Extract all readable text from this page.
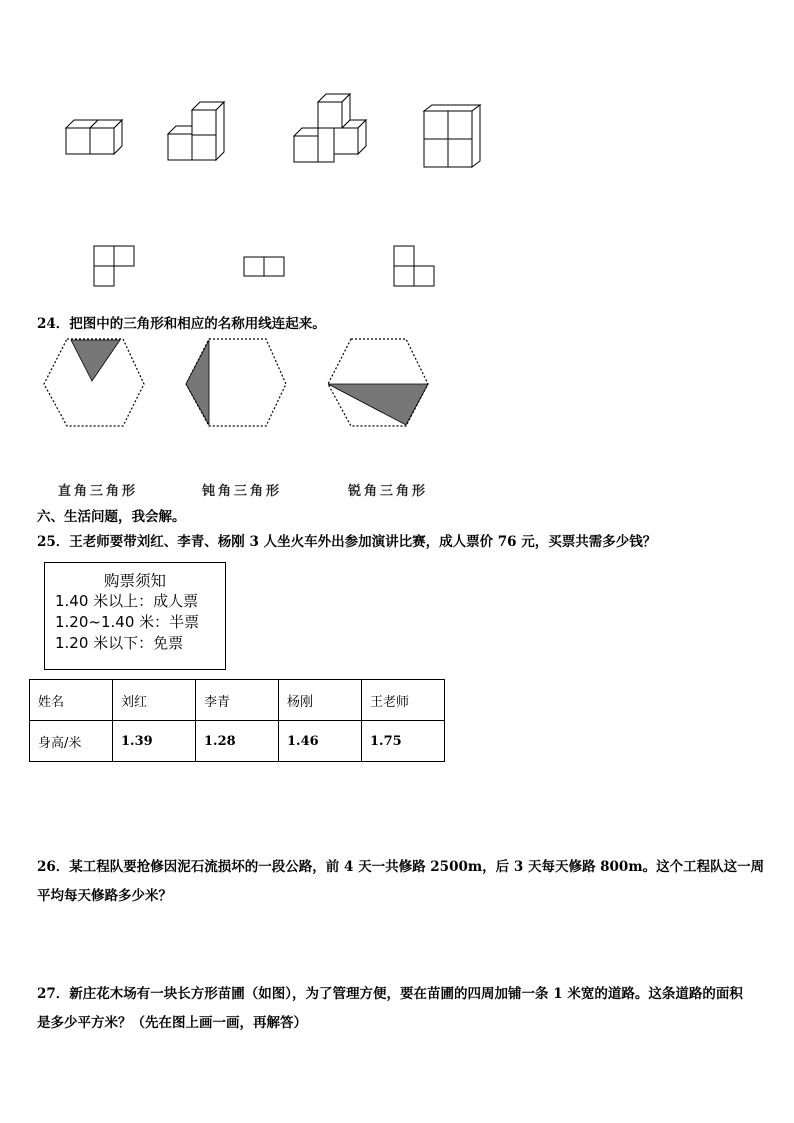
24．把图中的三角形和相应的名称用线连起来。
直角三角形	钝角三角形	锐角三角形
六、生活问题，我会解。
25．王老师要带刘红、李青、杨刚 3 人坐火车外出参加演讲比赛，成人票价 76 元，买票共需多少钱？
购票须知
1.40 米以上：成人票
1.20~1.40 米：半票
1.20 米以下：免票
姓名	刘红	李青	杨刚	王老师
身高/米	1.39	1.28	1.46	1.75
26．某工程队要抢修因泥石流损坏的一段公路，前 4 天一共修路 2500m，后 3 天每天修路 800m。这个工程队这一周
平均每天修路多少米？
27．新庄花木场有一块长方形苗圃（如图），为了管理方便，要在苗圃的四周加铺一条 1 米宽的道路。这条道路的面积
是多少平方米？（先在图上画一画，再解答）
